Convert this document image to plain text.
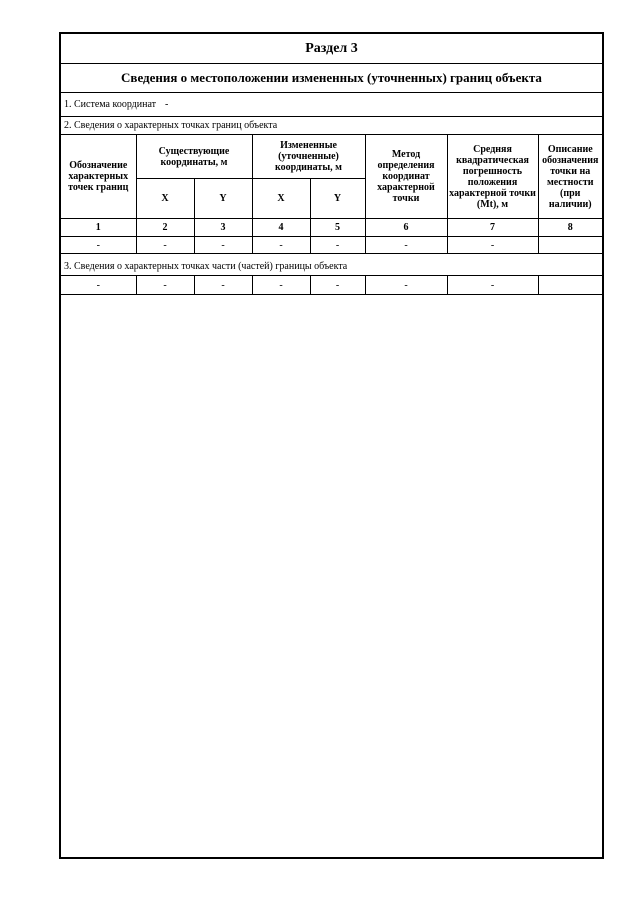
Раздел 3
Сведения о местоположении измененных (уточненных) границ объекта
1. Система координат -
2. Сведения о характерных точках границ объекта
Обозначение характерных точек границ	Существующие координаты, м		Измененные (уточненные) координаты, м		Метод определения координат характерной точки	Средняя квадратическая погрешность положения характерной точки (Mt), м	Описание обозначения точки на местности (при наличии)
	X	Y	X	Y			
1	2	3	4	5	6	7	8
-	-	-	-	-	-	-	
3. Сведения о характерных точках части (частей) границы объекта
-	-	-	-	-	-	-	
